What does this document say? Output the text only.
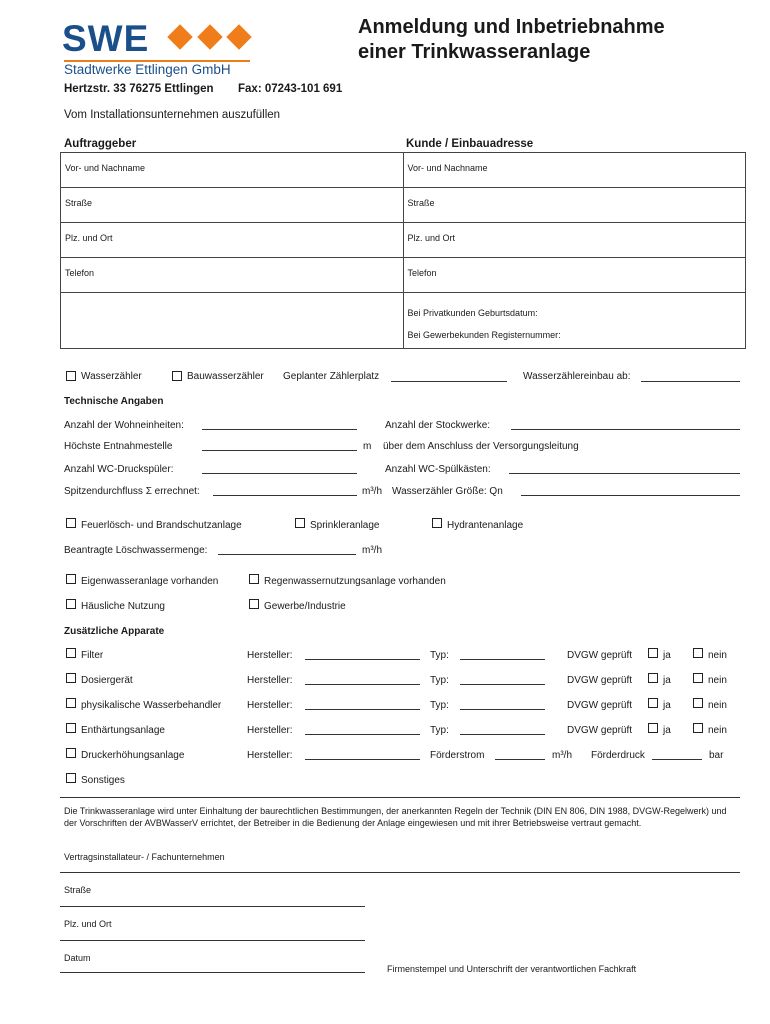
SWE
Stadtwerke Ettlingen GmbH
Anmeldung und Inbetriebnahme
einer Trinkwasseranlage
Hertzstr. 33 76275 Ettlingen Fax: 07243-101 691
Vom Installationsunternehmen auszufüllen
Auftraggeber	Kunde / Einbauadresse
Vor- und Nachname	Vor- und Nachname
Straße	Straße
Plz. und Ort	Plz. und Ort
Telefon	Telefon

	Bei Privatkunden Geburtsdatum:
Bei Gewerbekunden Registernummer:
Wasserzähler	Bauwasserzähler Geplanter Zählerplatz	Wasserzählereinbau ab:
Technische Angaben
Anzahl der Wohneinheiten:	Anzahl der Stockwerke:
Höchste Entnahmestelle	m über dem Anschluss der Versorgungsleitung
Anzahl WC-Druckspüler:	Anzahl WC-Spülkästen:
Spitzendurchfluss Σ errechnet:	m³/h Wasserzähler Größe: Qn
Feuerlösch- und Brandschutzanlage	Sprinkleranlage	Hydrantenanlage
Beantragte Löschwassermenge:	m³/h
Eigenwasseranlage vorhanden	Regenwassernutzungsanlage vorhanden
Häusliche Nutzung	Gewerbe/Industrie
Zusätzliche Apparate
Filter	Hersteller:	Typ:	DVGW geprüft	ja	nein
Dosiergerät	Hersteller:	Typ:	DVGW geprüft	ja	nein
physikalische Wasserbehandler	Hersteller:	Typ:	DVGW geprüft	ja	nein
Enthärtungsanlage	Hersteller:	Typ:	DVGW geprüft	ja	nein
Druckerhöhungsanlage	Hersteller:	Förderstrom	m³/h Förderdruck	bar
Sonstiges
Die Trinkwasseranlage wird unter Einhaltung der baurechtlichen Bestimmungen, der anerkannten Regeln der Technik (DIN EN 806, DIN 1988, DVGW-Regelwerk) und der Vorschriften der AVBWasserV errichtet, der Betreiber in die Bedienung der Anlage eingewiesen und mit ihrer Betriebsweise vertraut gemacht.
Vertragsinstallateur- / Fachunternehmen
Straße
Plz. und Ort
Datum
Firmenstempel und Unterschrift der verantwortlichen Fachkraft
